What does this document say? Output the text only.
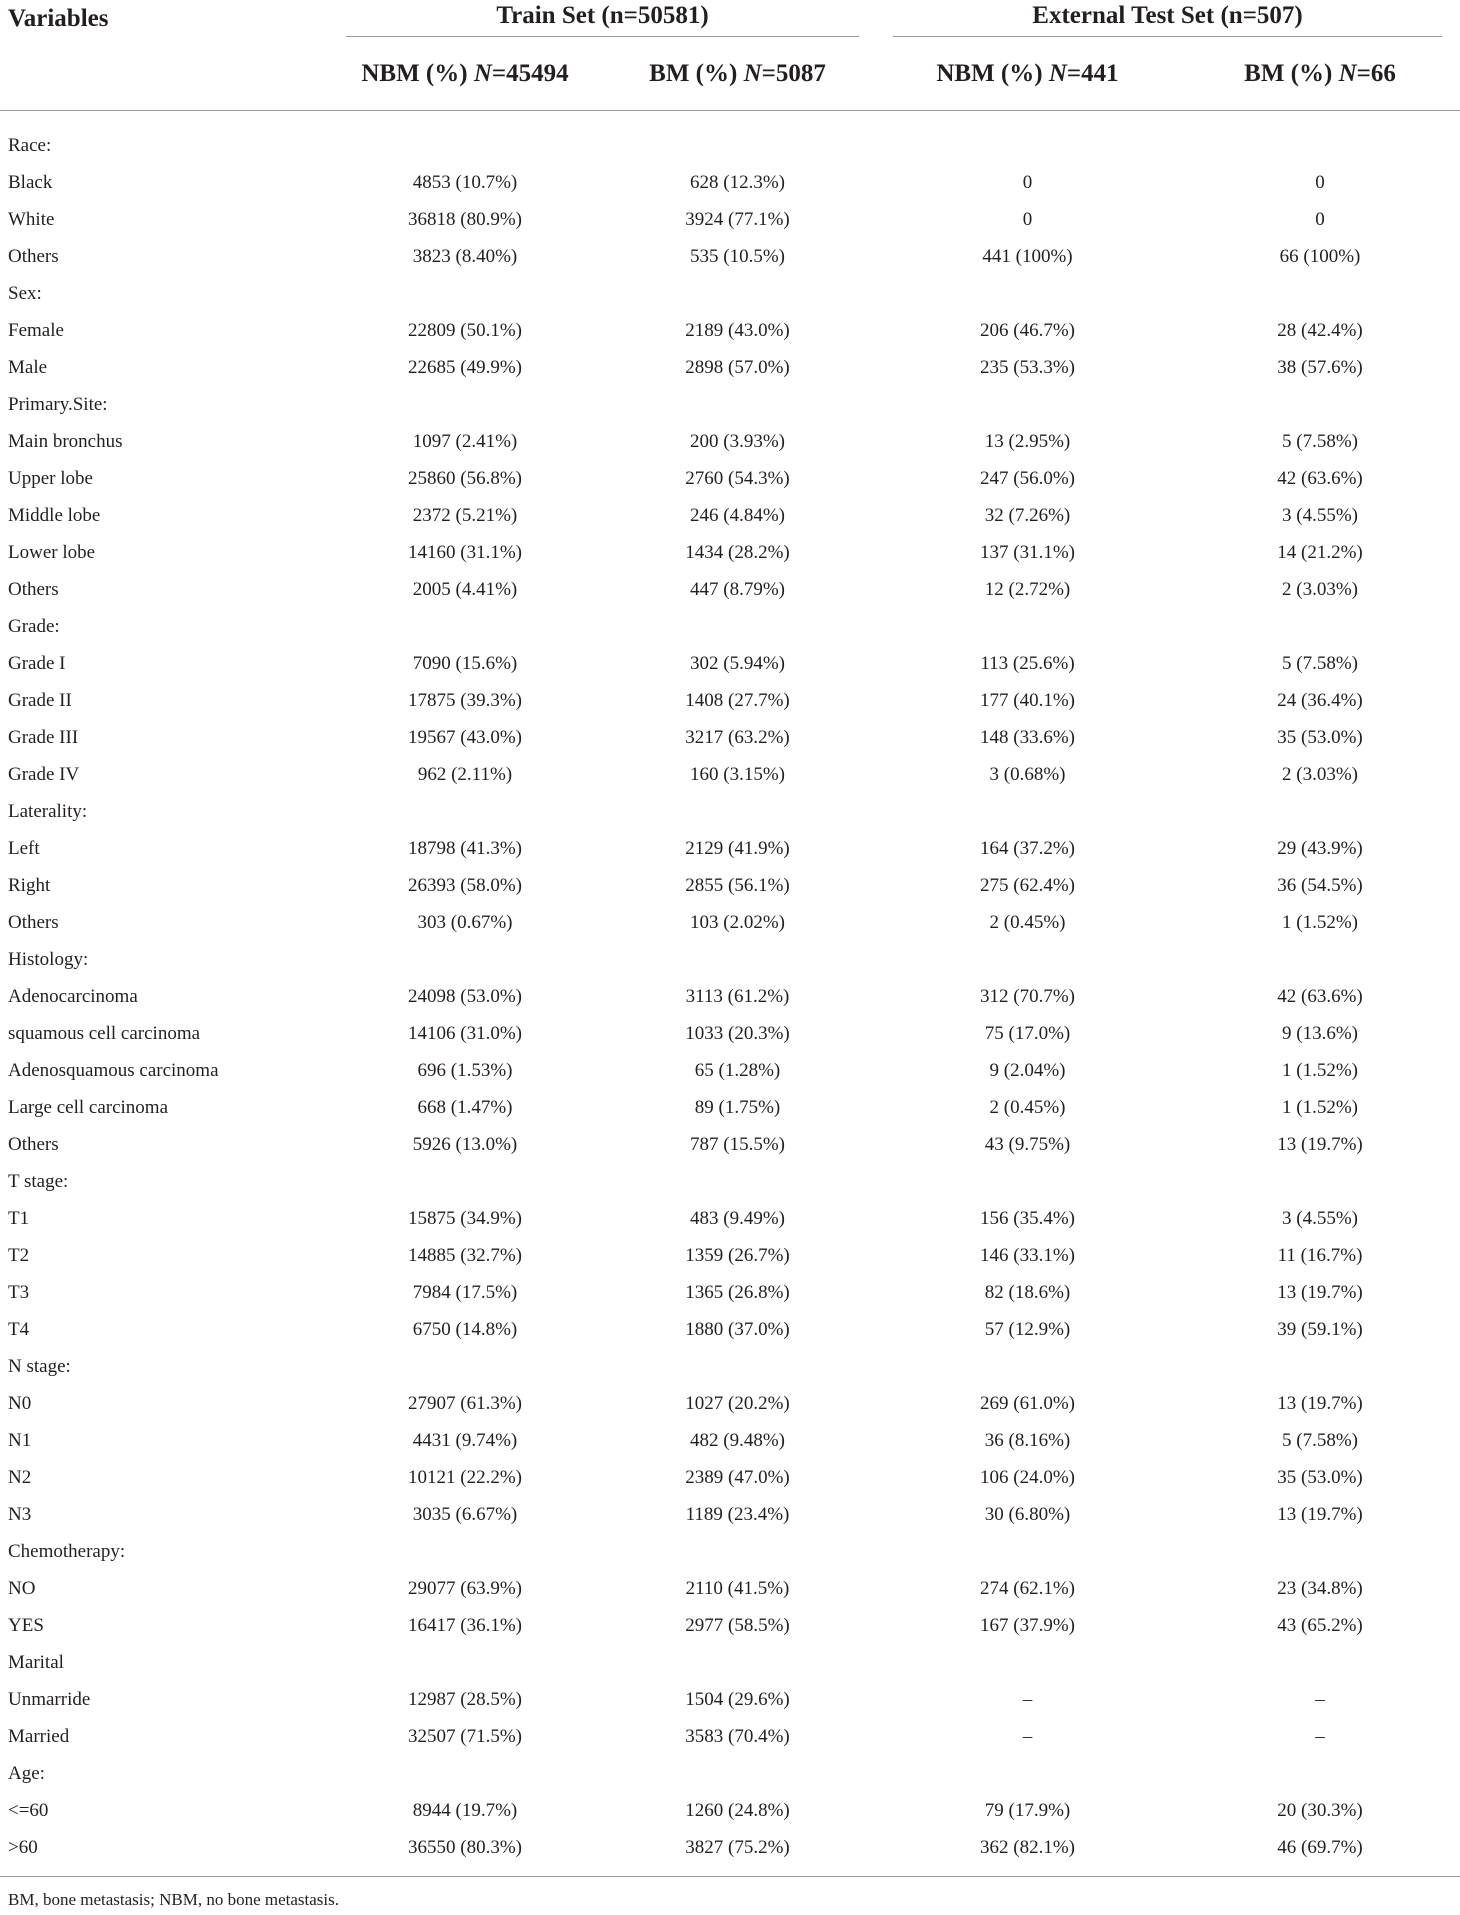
Variables	Train Set (n=50581)		External Test Set (n=507)	

	NBM (%) N=45494	BM (%) N=5087	NBM (%) N=441	BM (%) N=66

Race:				
Black	4853 (10.7%)	628 (12.3%)	0	0
White	36818 (80.9%)	3924 (77.1%)	0	0
Others	3823 (8.40%)	535 (10.5%)	441 (100%)	66 (100%)
Sex:				
Female	22809 (50.1%)	2189 (43.0%)	206 (46.7%)	28 (42.4%)
Male	22685 (49.9%)	2898 (57.0%)	235 (53.3%)	38 (57.6%)
Primary.Site:				
Main bronchus	1097 (2.41%)	200 (3.93%)	13 (2.95%)	5 (7.58%)
Upper lobe	25860 (56.8%)	2760 (54.3%)	247 (56.0%)	42 (63.6%)
Middle lobe	2372 (5.21%)	246 (4.84%)	32 (7.26%)	3 (4.55%)
Lower lobe	14160 (31.1%)	1434 (28.2%)	137 (31.1%)	14 (21.2%)
Others	2005 (4.41%)	447 (8.79%)	12 (2.72%)	2 (3.03%)
Grade:				
Grade I	7090 (15.6%)	302 (5.94%)	113 (25.6%)	5 (7.58%)
Grade II	17875 (39.3%)	1408 (27.7%)	177 (40.1%)	24 (36.4%)
Grade III	19567 (43.0%)	3217 (63.2%)	148 (33.6%)	35 (53.0%)
Grade IV	962 (2.11%)	160 (3.15%)	3 (0.68%)	2 (3.03%)
Laterality:				
Left	18798 (41.3%)	2129 (41.9%)	164 (37.2%)	29 (43.9%)
Right	26393 (58.0%)	2855 (56.1%)	275 (62.4%)	36 (54.5%)
Others	303 (0.67%)	103 (2.02%)	2 (0.45%)	1 (1.52%)
Histology:				
Adenocarcinoma	24098 (53.0%)	3113 (61.2%)	312 (70.7%)	42 (63.6%)
squamous cell carcinoma	14106 (31.0%)	1033 (20.3%)	75 (17.0%)	9 (13.6%)
Adenosquamous carcinoma	696 (1.53%)	65 (1.28%)	9 (2.04%)	1 (1.52%)
Large cell carcinoma	668 (1.47%)	89 (1.75%)	2 (0.45%)	1 (1.52%)
Others	5926 (13.0%)	787 (15.5%)	43 (9.75%)	13 (19.7%)
T stage:				
T1	15875 (34.9%)	483 (9.49%)	156 (35.4%)	3 (4.55%)
T2	14885 (32.7%)	1359 (26.7%)	146 (33.1%)	11 (16.7%)
T3	7984 (17.5%)	1365 (26.8%)	82 (18.6%)	13 (19.7%)
T4	6750 (14.8%)	1880 (37.0%)	57 (12.9%)	39 (59.1%)
N stage:				
N0	27907 (61.3%)	1027 (20.2%)	269 (61.0%)	13 (19.7%)
N1	4431 (9.74%)	482 (9.48%)	36 (8.16%)	5 (7.58%)
N2	10121 (22.2%)	2389 (47.0%)	106 (24.0%)	35 (53.0%)
N3	3035 (6.67%)	1189 (23.4%)	30 (6.80%)	13 (19.7%)
Chemotherapy:				
NO	29077 (63.9%)	2110 (41.5%)	274 (62.1%)	23 (34.8%)
YES	16417 (36.1%)	2977 (58.5%)	167 (37.9%)	43 (65.2%)
Marital				
Unmarride	12987 (28.5%)	1504 (29.6%)	–	–
Married	32507 (71.5%)	3583 (70.4%)	–	–
Age:				
<=60	8944 (19.7%)	1260 (24.8%)	79 (17.9%)	20 (30.3%)
>60	36550 (80.3%)	3827 (75.2%)	362 (82.1%)	46 (69.7%)
BM, bone metastasis; NBM, no bone metastasis.
